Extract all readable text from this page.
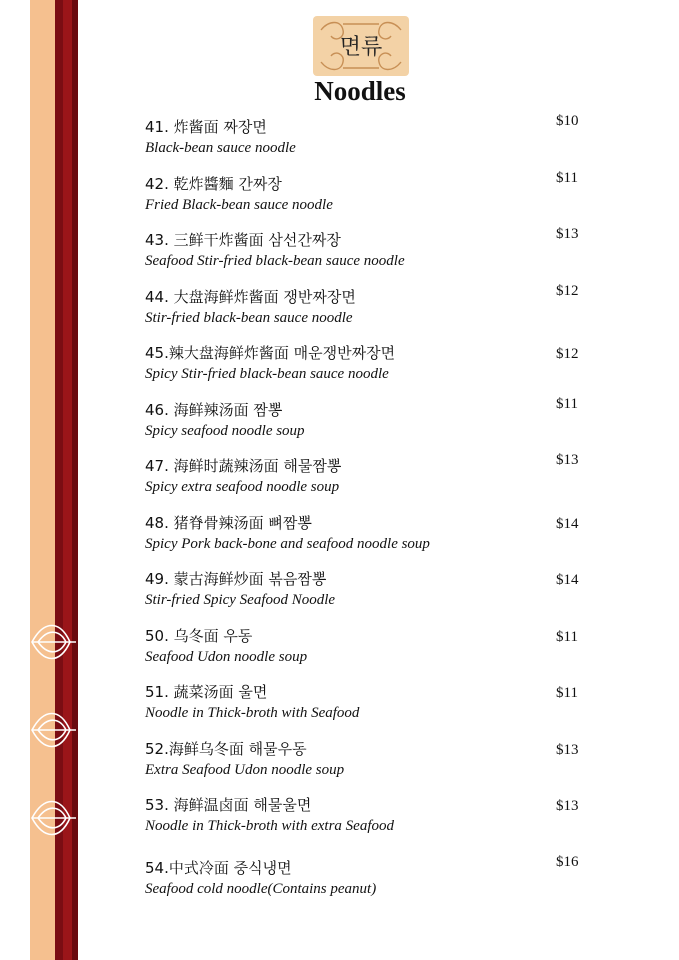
면류
Noodles
41. 炸酱面 짜장면
Black-bean sauce noodle
$10
42. 乾炸醬麵 간짜장
Fried Black-bean sauce noodle
$11
43. 三鲜干炸酱面 삼선간짜장
Seafood Stir-fried black-bean sauce noodle
$13
44. 大盘海鲜炸酱面 쟁반짜장면
Stir-fried black-bean sauce noodle
$12
45.辣大盘海鲜炸酱面 매운쟁반짜장면
Spicy Stir-fried black-bean sauce noodle
$12
46. 海鲜辣汤面 짬뽕
Spicy seafood noodle soup
$11
47. 海鲜时蔬辣汤面 해물짬뽕
Spicy extra seafood noodle soup
$13
48. 猪脊骨辣汤面 뼈짬뽕
Spicy Pork back-bone and seafood noodle soup
$14
49. 蒙古海鲜炒面 볶음짬뽕
Stir-fried Spicy Seafood Noodle
$14
50. 乌冬面 우동
Seafood Udon noodle soup
$11
51. 蔬菜汤面 울면
Noodle in Thick-broth with Seafood
$11
52.海鲜乌冬面 해물우동
Extra Seafood Udon noodle soup
$13
53. 海鲜温卤面 해물울면
Noodle in Thick-broth with extra Seafood
$13
54.中式冷面 중식냉면
Seafood cold noodle(Contains peanut)
$16
